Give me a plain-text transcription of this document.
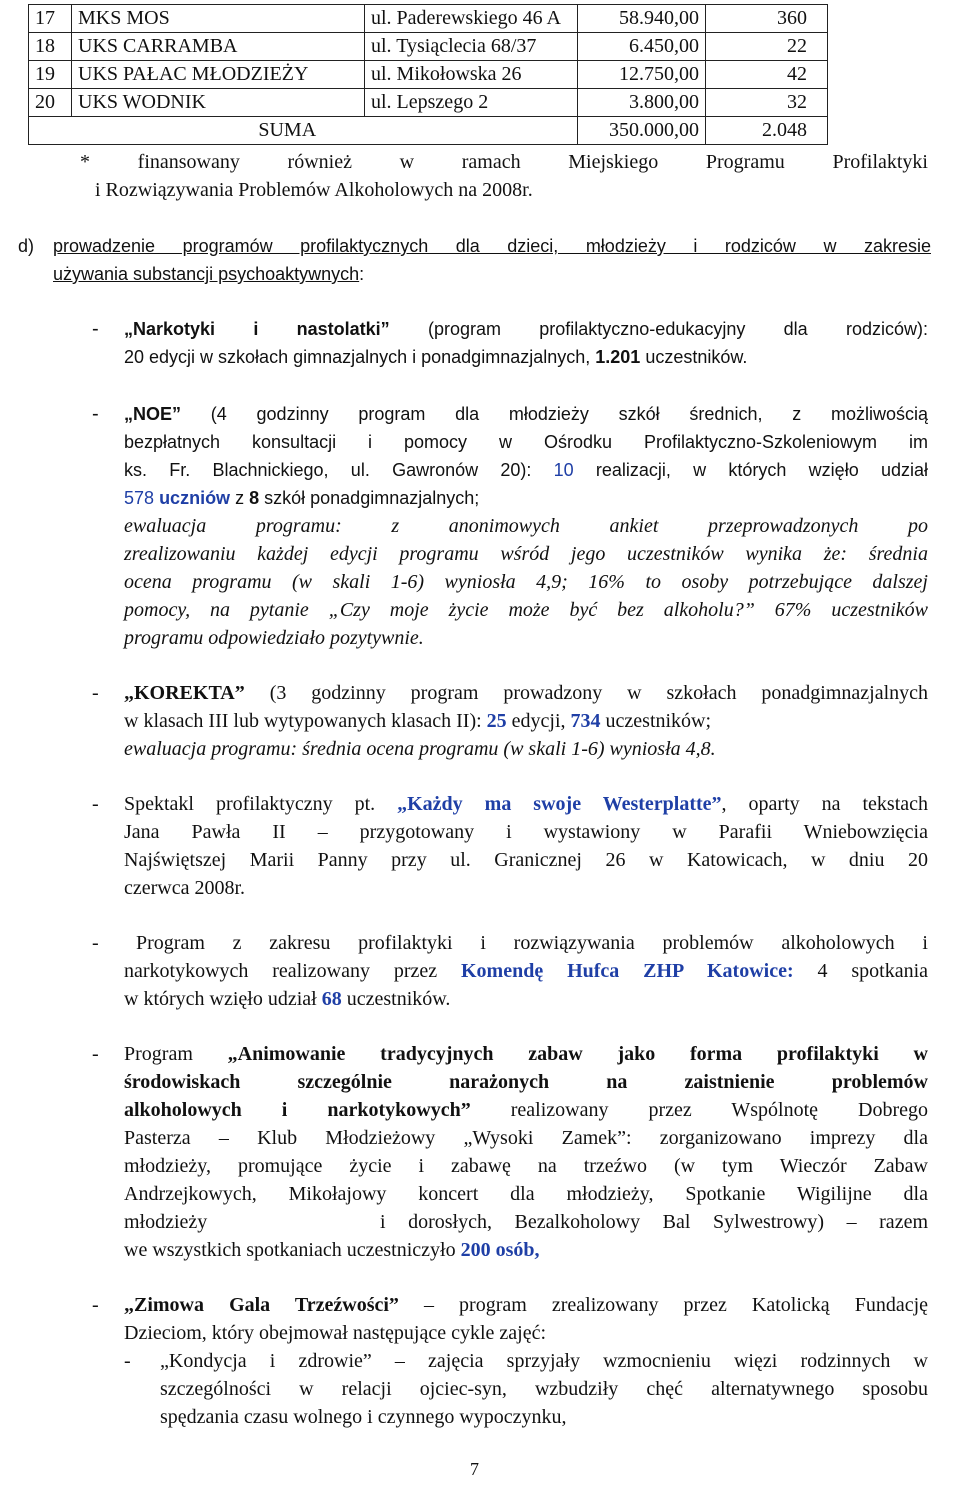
17	MKS MOS	ul. Paderewskiego 46 A	58.940,00	360
18	UKS CARRAMBA	ul. Tysiąclecia 68/37	6.450,00	22
19	UKS PAŁAC MŁODZIEŻY	ul. Mikołowska 26	12.750,00	42
20	UKS WODNIK	ul. Lepszego 2	3.800,00	32
	SUMA		350.000,00	2.048
* finansowany również w ramach Miejskiego Programu Profilaktyki
i Rozwiązywania Problemów Alkoholowych na 2008r.
d) prowadzenie programów profilaktycznych dla dzieci, młodzieży i rodziców w zakresie
używania substancji psychoaktywnych:
- „Narkotyki i nastolatki” (program profilaktyczno-edukacyjny dla rodziców):
20 edycji w szkołach gimnazjalnych i ponadgimnazjalnych, 1.201 uczestników.
- „NOE” (4 godzinny program dla młodzieży szkół średnich, z możliwością
bezpłatnych konsultacji i pomocy w Ośrodku Profilaktyczno-Szkoleniowym im
ks. Fr. Blachnickiego, ul. Gawronów 20): 10 realizacji, w których wzięło udział
578 uczniów z 8 szkół ponadgimnazjalnych;
ewaluacja programu: z anonimowych ankiet przeprowadzonych po
zrealizowaniu każdej edycji programu wśród jego uczestników wynika że: średnia
ocena programu (w skali 1-6) wyniosła 4,9; 16% to osoby potrzebujące dalszej
pomocy, na pytanie „Czy moje życie może być bez alkoholu?” 67% uczestników
programu odpowiedziało pozytywnie.
- „KOREKTA” (3 godzinny program prowadzony w szkołach ponadgimnazjalnych
w klasach III lub wytypowanych klasach II): 25 edycji, 734 uczestników;
ewaluacja programu: średnia ocena programu (w skali 1-6) wyniosła 4,8.
- Spektakl profilaktyczny pt. „Każdy ma swoje Westerplatte”, oparty na tekstach
Jana Pawła II – przygotowany i wystawiony w Parafii Wniebowzięcia
Najświętszej Marii Panny przy ul. Granicznej 26 w Katowicach, w dniu 20
czerwca 2008r.
- Program z zakresu profilaktyki i rozwiązywania problemów alkoholowych i
narkotykowych realizowany przez Komendę Hufca ZHP Katowice: 4 spotkania
w których wzięło udział 68 uczestników.
- Program „Animowanie tradycyjnych zabaw jako forma profilaktyki w
środowiskach szczególnie narażonych na zaistnienie problemów
alkoholowych i narkotykowych” realizowany przez Wspólnotę Dobrego
Pasterza – Klub Młodzieżowy „Wysoki Zamek”: zorganizowano imprezy dla
młodzieży, promujące życie i zabawę na trzeźwo (w tym Wieczór Zabaw
Andrzejkowych, Mikołajowy koncert dla młodzieży, Spotkanie Wigilijne dla
młodzieży	i dorosłych, Bezalkoholowy Bal Sylwestrowy) – razem
we wszystkich spotkaniach uczestniczyło 200 osób,
- „Zimowa Gala Trzeźwości” – program zrealizowany przez Katolicką Fundację
Dzieciom, który obejmował następujące cykle zajęć:
- „Kondycja i zdrowie” – zajęcia sprzyjały wzmocnieniu więzi rodzinnych w
szczególności w relacji ojciec-syn, wzbudziły chęć alternatywnego sposobu
spędzania czasu wolnego i czynnego wypoczynku,
7
